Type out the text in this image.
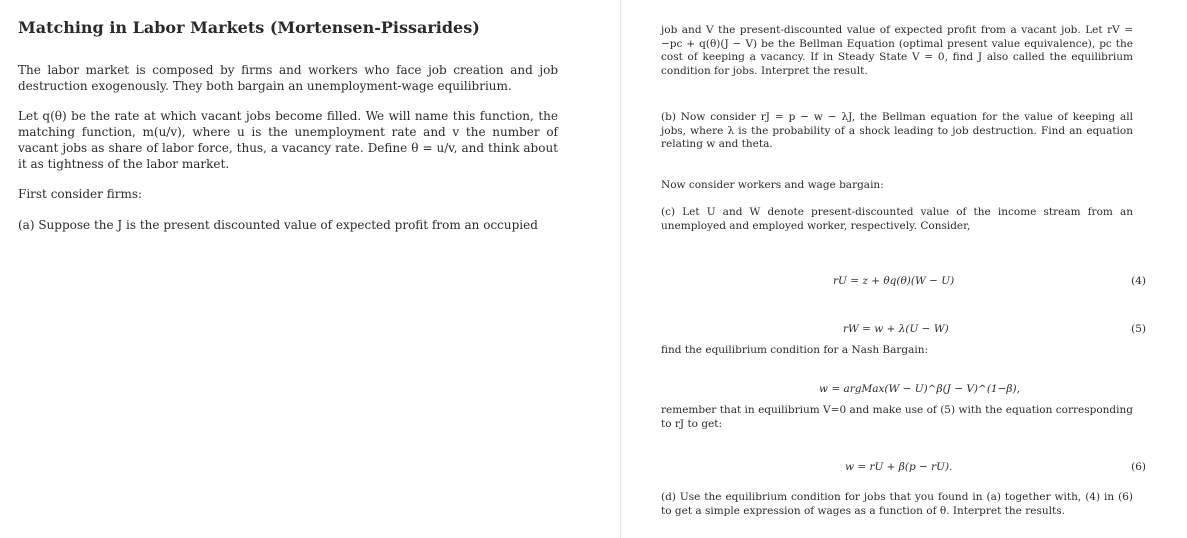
Matching in Labor Markets (Mortensen-Pissarides)

The labor market is composed by firms and workers who face job creation and job destruction exogenously. They both bargain an unemployment-wage equilibrium.

Let q(θ) be the rate at which vacant jobs become filled. We will name this function, the matching function, m(u/v), where u is the unemployment rate and v the number of vacant jobs as share of labor force, thus, a vacancy rate. Define θ = u/v, and think about it as tightness of the labor market.

First consider firms:

(a) Suppose the J is the present discounted value of expected profit from an occupied

job and V the present-discounted value of expected profit from a vacant job. Let rV = −pc + q(θ)(J − V) be the Bellman Equation (optimal present value equivalence), pc the cost of keeping a vacancy. If in Steady State V = 0, find J also called the equilibrium condition for jobs. Interpret the result.

(b) Now consider rJ = p − w − λJ, the Bellman equation for the value of keeping all jobs, where λ is the probability of a shock leading to job destruction. Find an equation relating w and theta.

Now consider workers and wage bargain:

(c) Let U and W denote present-discounted value of the income stream from an unemployed and employed worker, respectively. Consider,

rU = z + θq(θ)(W − U)	(4)
rW = w + λ(U − W)	(5)

find the equilibrium condition for a Nash Bargain:

w = argMax(W − U)^β(J − V)^(1−β),

remember that in equilibrium V=0 and make use of (5) with the equation corresponding to rJ to get:

w = rU + β(p − rU).	(6)

(d) Use the equilibrium condition for jobs that you found in (a) together with, (4) in (6) to get a simple expression of wages as a function of θ. Interpret the results.
